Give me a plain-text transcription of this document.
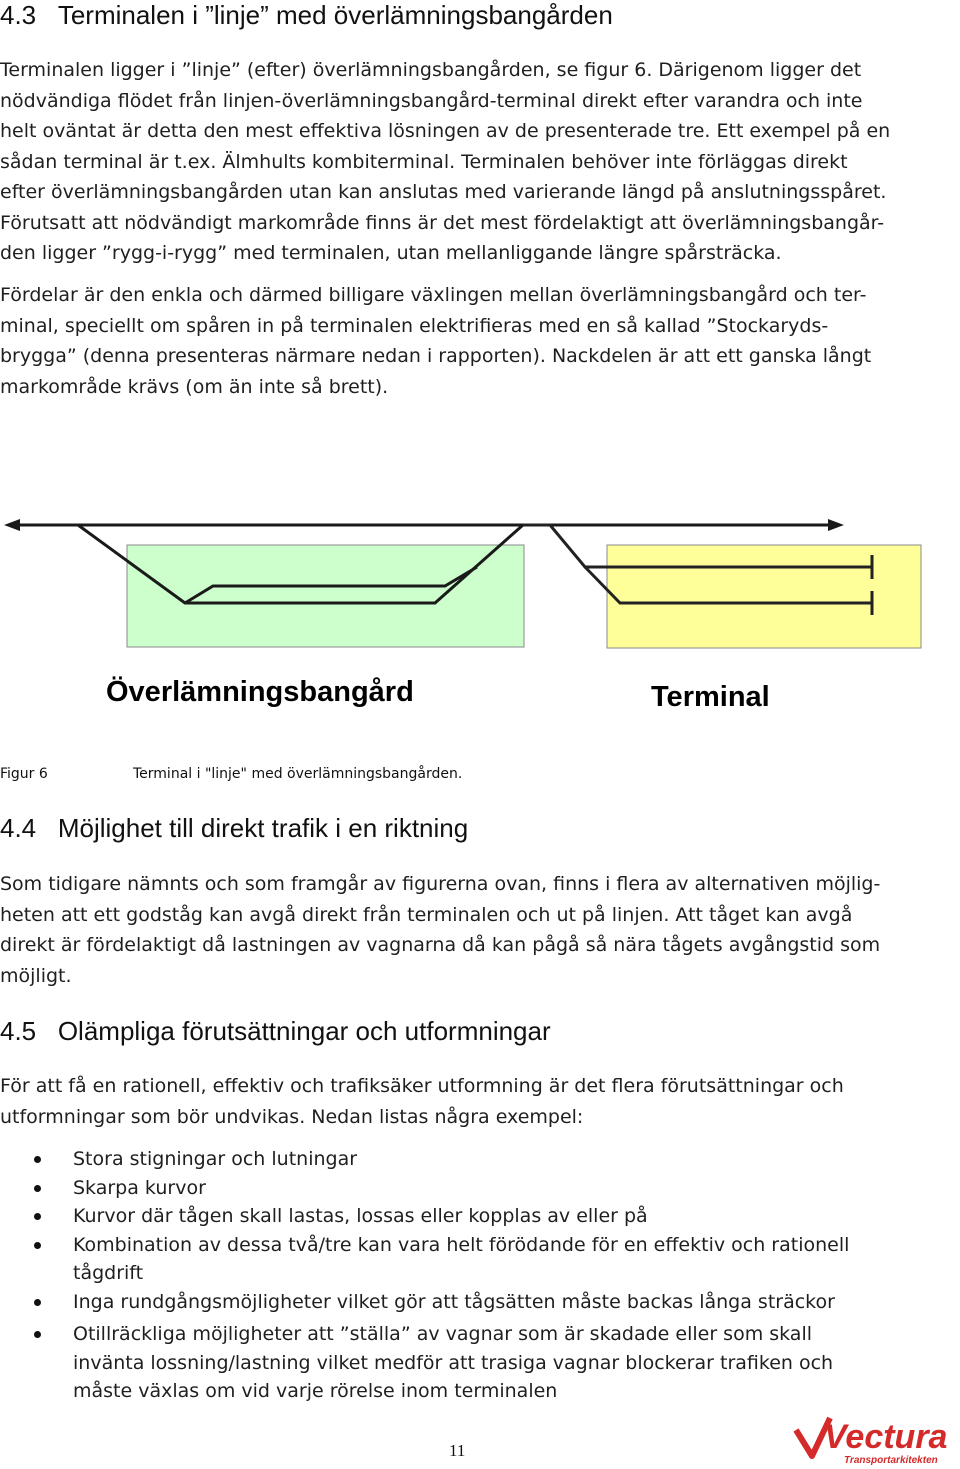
4.3 Terminalen i ”linje” med överlämningsbangården
Terminalen ligger i ”linje” (efter) överlämningsbangården, se figur 6. Därigenom ligger det
nödvändiga flödet från linjen-överlämningsbangård-terminal direkt efter varandra och inte
helt oväntat är detta den mest effektiva lösningen av de presenterade tre. Ett exempel på en
sådan terminal är t.ex. Älmhults kombiterminal. Terminalen behöver inte förläggas direkt
efter överlämningsbangården utan kan anslutas med varierande längd på anslutningsspåret.
Förutsatt att nödvändigt markområde finns är det mest fördelaktigt att överlämningsbangår-
den ligger ”rygg-i-rygg” med terminalen, utan mellanliggande längre spårsträcka.
Fördelar är den enkla och därmed billigare växlingen mellan överlämningsbangård och ter-
minal, speciellt om spåren in på terminalen elektrifieras med en så kallad ”Stockaryds-
brygga” (denna presenteras närmare nedan i rapporten). Nackdelen är att ett ganska långt
markområde krävs (om än inte så brett).
Överlämningsbangård	Terminal
Figur 6	Terminal i "linje" med överlämningsbangården.
4.4 Möjlighet till direkt trafik i en riktning
Som tidigare nämnts och som framgår av figurerna ovan, finns i flera av alternativen möjlig-
heten att ett godståg kan avgå direkt från terminalen och ut på linjen. Att tåget kan avgå
direkt är fördelaktigt då lastningen av vagnarna då kan pågå så nära tågets avgångstid som
möjligt.
4.5 Olämpliga förutsättningar och utformningar
För att få en rationell, effektiv och trafiksäker utformning är det flera förutsättningar och
utformningar som bör undvikas. Nedan listas några exempel:
Stora stigningar och lutningar
Skarpa kurvor
Kurvor där tågen skall lastas, lossas eller kopplas av eller på
Kombination av dessa två/tre kan vara helt förödande för en effektiv och rationell
tågdrift
Inga rundgångsmöjligheter vilket gör att tågsätten måste backas långa sträckor
Otillräckliga möjligheter att ”ställa” av vagnar som är skadade eller som skall
invänta lossning/lastning vilket medför att trasiga vagnar blockerar trafiken och
måste växlas om vid varje rörelse inom terminalen
11	Vectura
Transportarkitekten
